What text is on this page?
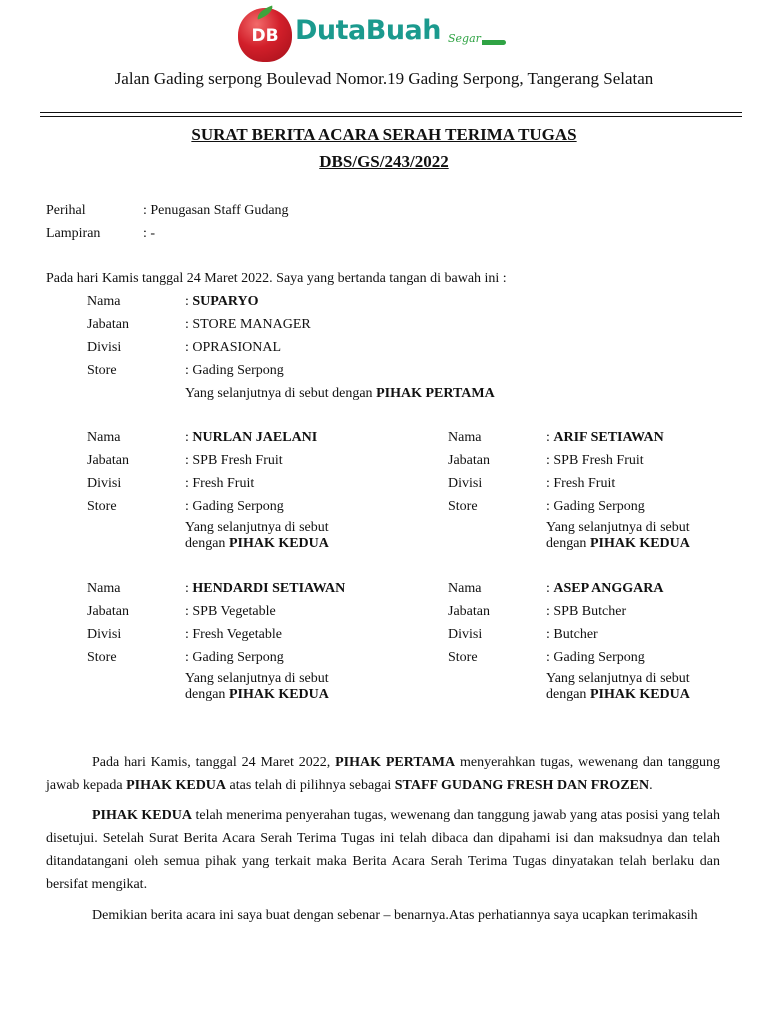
DB DutaBuah Segar
Jalan Gading serpong Boulevad Nomor.19 Gading Serpong, Tangerang Selatan
SURAT BERITA ACARA SERAH TERIMA TUGAS
DBS/GS/243/2022
Perihal	: Penugasan Staff Gudang
Lampiran	: -
Pada hari Kamis tanggal 24 Maret 2022. Saya yang bertanda tangan di bawah ini :
Nama	: SUPARYO
Jabatan	: STORE MANAGER
Divisi	: OPRASIONAL
Store	: Gading Serpong
Yang selanjutnya di sebut dengan PIHAK PERTAMA
Nama	: NURLAN JAELANI
Jabatan	: SPB Fresh Fruit
Divisi	: Fresh Fruit
Store	: Gading Serpong
Yang selanjutnya di sebut
dengan PIHAK KEDUA
Nama	: ARIF SETIAWAN
Jabatan	: SPB Fresh Fruit
Divisi	: Fresh Fruit
Store	: Gading Serpong
Yang selanjutnya di sebut
dengan PIHAK KEDUA
Nama	: HENDARDI SETIAWAN
Jabatan	: SPB Vegetable
Divisi	: Fresh Vegetable
Store	: Gading Serpong
Yang selanjutnya di sebut
dengan PIHAK KEDUA
Nama	: ASEP ANGGARA
Jabatan	: SPB Butcher
Divisi	: Butcher
Store	: Gading Serpong
Yang selanjutnya di sebut
dengan PIHAK KEDUA
Pada hari Kamis, tanggal 24 Maret 2022, PIHAK PERTAMA menyerahkan tugas, wewenang dan tanggung jawab kepada PIHAK KEDUA atas telah di pilihnya sebagai STAFF GUDANG FRESH DAN FROZEN.
PIHAK KEDUA telah menerima penyerahan tugas, wewenang dan tanggung jawab yang atas posisi yang telah disetujui. Setelah Surat Berita Acara Serah Terima Tugas ini telah dibaca dan dipahami isi dan maksudnya dan telah ditandatangani oleh semua pihak yang terkait maka Berita Acara Serah Terima Tugas dinyatakan telah berlaku dan bersifat mengikat.
Demikian berita acara ini saya buat dengan sebenar – benarnya.Atas perhatiannya saya ucapkan terimakasih
